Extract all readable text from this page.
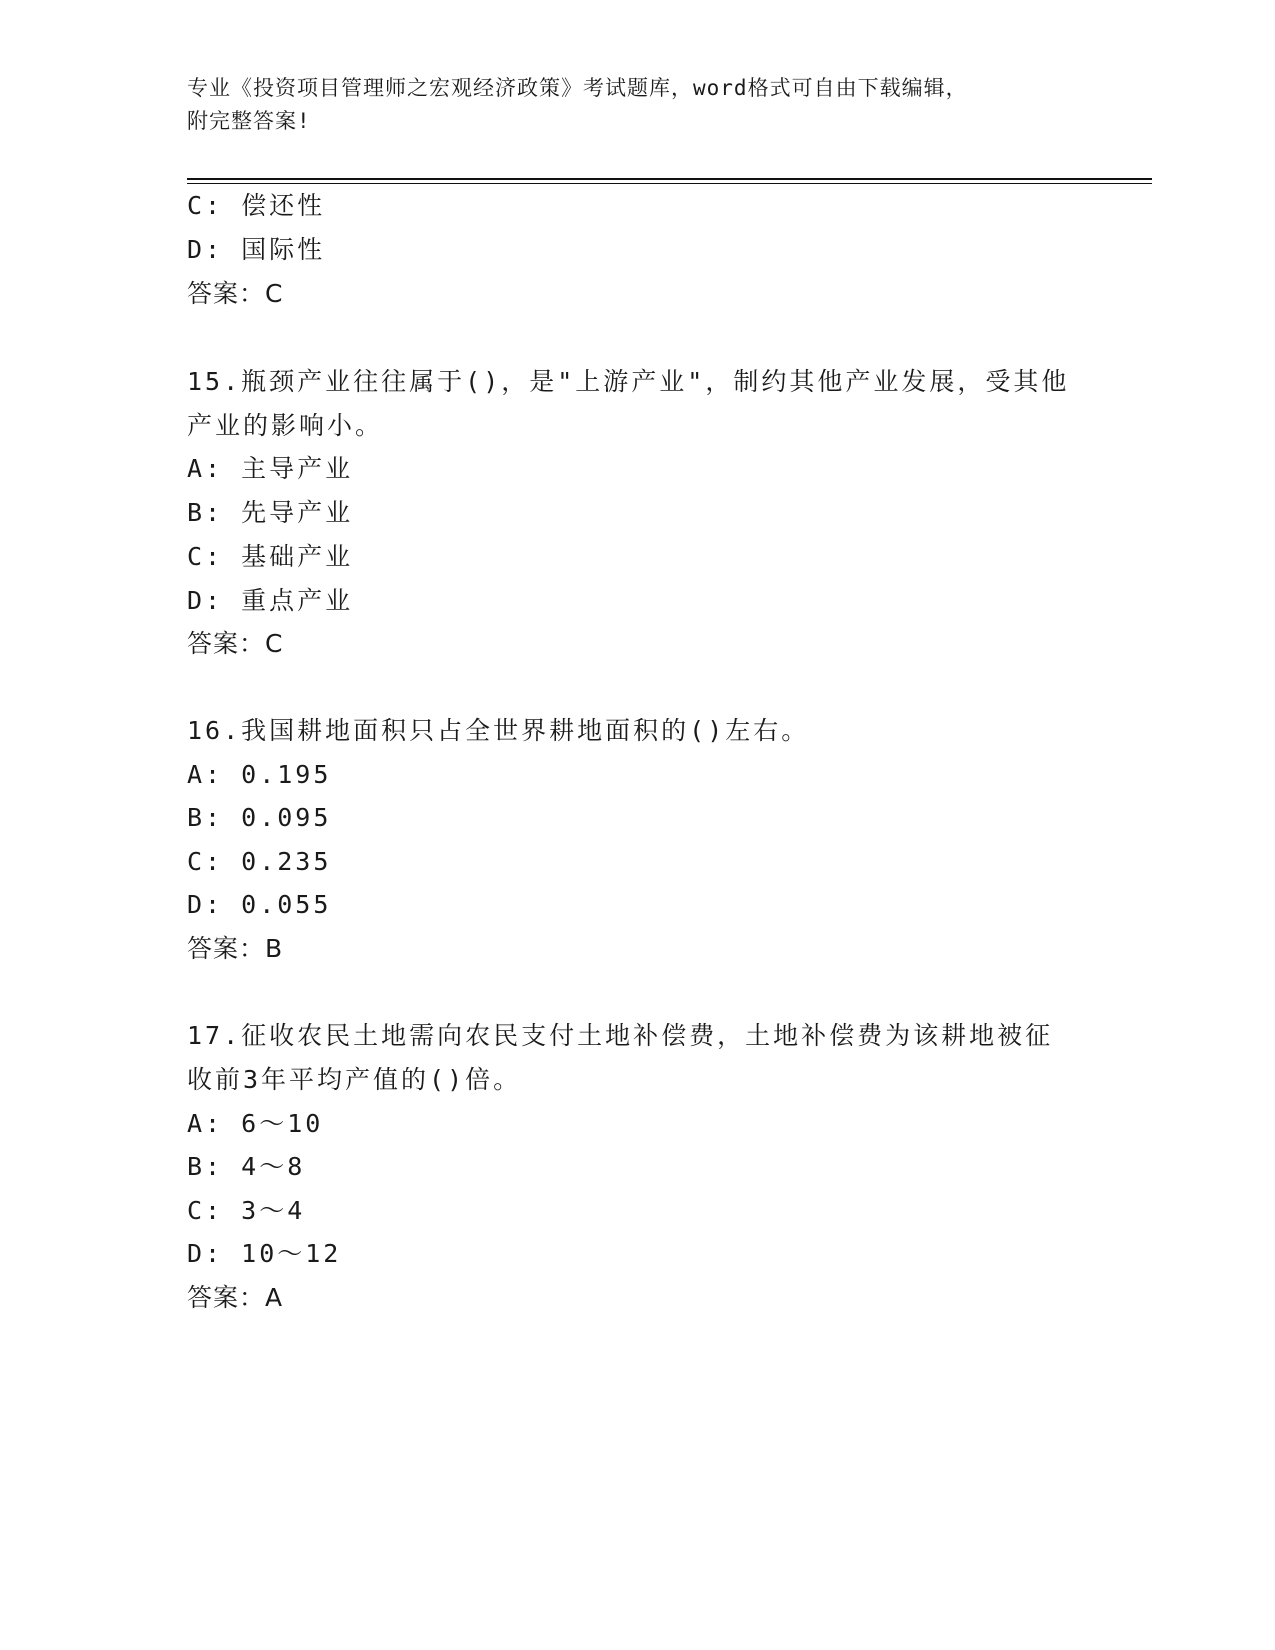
专业《投资项目管理师之宏观经济政策》考试题库，word格式可自由下载编辑，
附完整答案!
C: 偿还性
D: 国际性
答案：C
15.瓶颈产业往往属于()，是"上游产业"，制约其他产业发展，受其他
产业的影响小。
A: 主导产业
B: 先导产业
C: 基础产业
D: 重点产业
答案：C
16.我国耕地面积只占全世界耕地面积的()左右。
A: 0.195
B: 0.095
C: 0.235
D: 0.055
答案：B
17.征收农民土地需向农民支付土地补偿费，土地补偿费为该耕地被征
收前3年平均产值的()倍。
A: 6～10
B: 4～8
C: 3～4
D: 10～12
答案：A
